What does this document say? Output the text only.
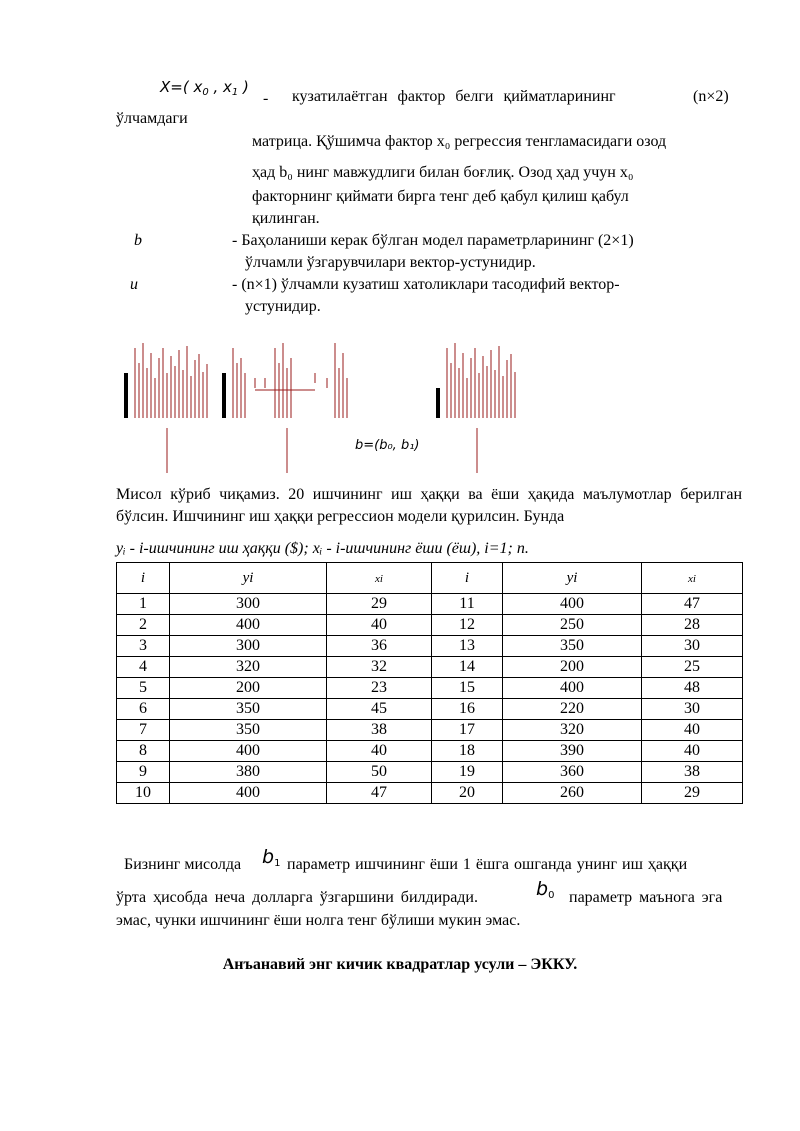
X=( $x_0$ , $x_1$ )
- кузатилаётган фактор белги қийматларининг	(n×2)
ўлчамдаги
матрица. Қўшимча фактор x₀ регрессия тенгламасидаги озод
ҳад b₀ нинг мавжудлиги билан боғлиқ. Озод ҳад учун x₀
факторнинг қиймати бирга тенг деб қабул қилиш қабул
қилинган.
b	- Баҳоланиши керак бўлган модел параметрларининг (2×1)
ўлчамли ўзгарувчилари вектор-устунидир.
u	- (n×1) ўлчамли кузатиш хатоликлари тасодифий вектор-
устунидир.
b=(b₀, b₁)
Мисол кўриб чиқамиз. 20 ишчининг иш ҳаққи ва ёши ҳақида маълумотлар берилган бўлсин. Ишчининг иш ҳаққи регрессион модели қурилсин. Бунда
yᵢ - i-ишчининг иш ҳаққи ($); xᵢ - i-ишчининг ёши (ёш), i=1; n.
i	yi	xi	i	yi	xi
1	300	29	11	400	47
2	400	40	12	250	28
3	300	36	13	350	30
4	320	32	14	200	25
5	200	23	15	400	48
6	350	45	16	220	30
7	350	38	17	320	40
8	400	40	18	390	40
9	380	50	19	360	38
10	400	47	20	260	29
Бизнинг мисолда $b_1$ параметр ишчининг ёши 1 ёшга ошганда унинг иш ҳаққи
ўрта ҳисобда неча долларга ўзгаршини билдиради.	$b_0$ параметр маънога эга
эмас, чунки ишчининг ёши нолга тенг бўлиши мукин эмас.
Анъанавий энг кичик квадратлар усули – ЭККУ.
